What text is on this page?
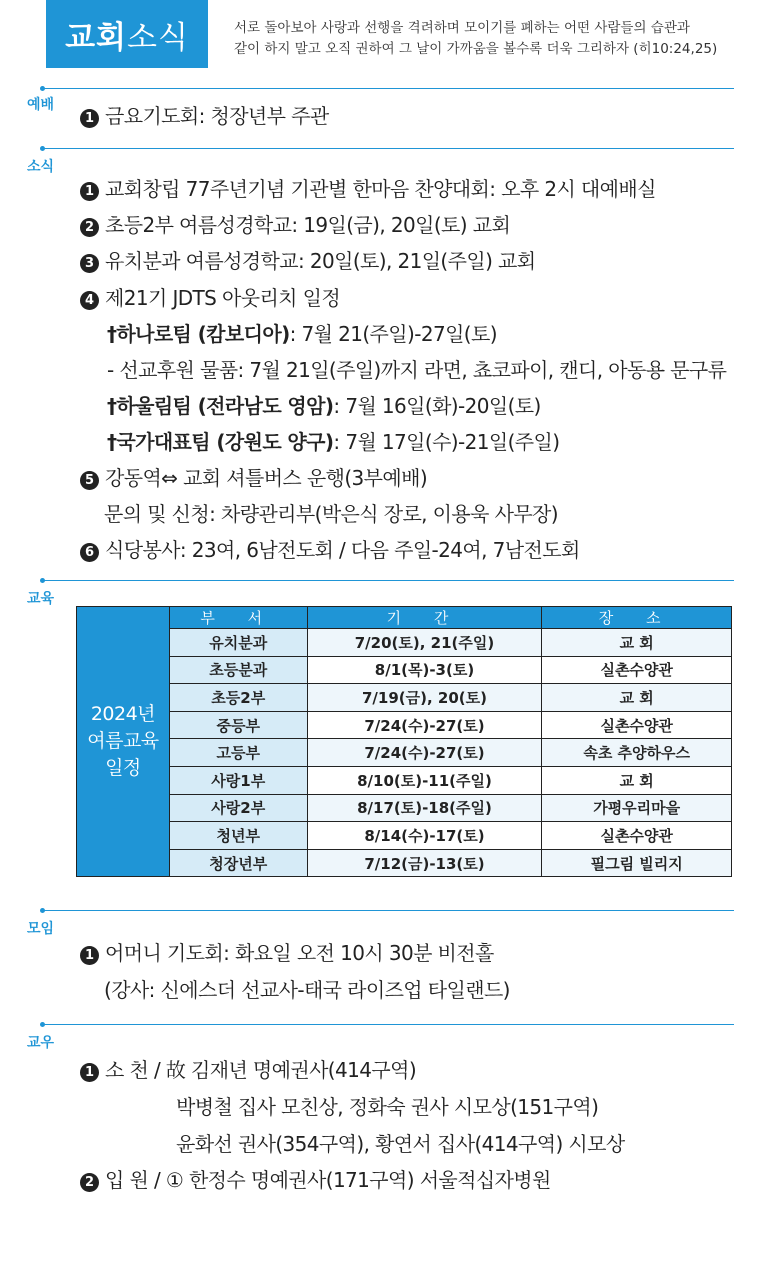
교회 소식	서로 돌아보아 사랑과 선행을 격려하며 모이기를 폐하는 어떤 사람들의 습관과
같이 하지 말고 오직 권하여 그 날이 가까움을 볼수록 더욱 그리하자 (히10:24,25)
예배
1 금요기도회: 청장년부 주관
소식
1 교회창립 77주년기념 기관별 한마음 찬양대회: 오후 2시 대예배실
2 초등2부 여름성경학교: 19일(금), 20일(토) 교회
3 유치분과 여름성경학교: 20일(토), 21일(주일) 교회
4 제21기 JDTS 아웃리치 일정
†하나로팀 (캄보디아): 7월 21(주일)-27일(토)
- 선교후원 물품: 7월 21일(주일)까지 라면, 쵸코파이, 캔디, 아동용 문구류
†하울림팀 (전라남도 영암): 7월 16일(화)-20일(토)
†국가대표팀 (강원도 양구): 7월 17일(수)-21일(주일)
5 강동역⇔ 교회 셔틀버스 운행(3부예배)
문의 및 신청: 차량관리부(박은식 장로, 이용욱 사무장)
6 식당봉사: 23여, 6남전도회 / 다음 주일-24여, 7남전도회
교육
2024년
여름교육
일정	부 서	기 간	장 소
	유치분과	7/20(토), 21(주일)	교 회
	초등분과	8/1(목)-3(토)	실촌수양관
	초등2부	7/19(금), 20(토)	교 회
	중등부	7/24(수)-27(토)	실촌수양관
	고등부	7/24(수)-27(토)	속초 추양하우스
	사랑1부	8/10(토)-11(주일)	교 회
	사랑2부	8/17(토)-18(주일)	가평우리마을
	청년부	8/14(수)-17(토)	실촌수양관
	청장년부	7/12(금)-13(토)	필그림 빌리지
모임
1 어머니 기도회: 화요일 오전 10시 30분 비전홀
(강사: 신에스더 선교사-태국 라이즈업 타일랜드)
교우
1 소 천 / 故 김재년 명예권사(414구역)
박병철 집사 모친상, 정화숙 권사 시모상(151구역)
윤화선 권사(354구역), 황연서 집사(414구역) 시모상
2 입 원 / ① 한정수 명예권사(171구역) 서울적십자병원
